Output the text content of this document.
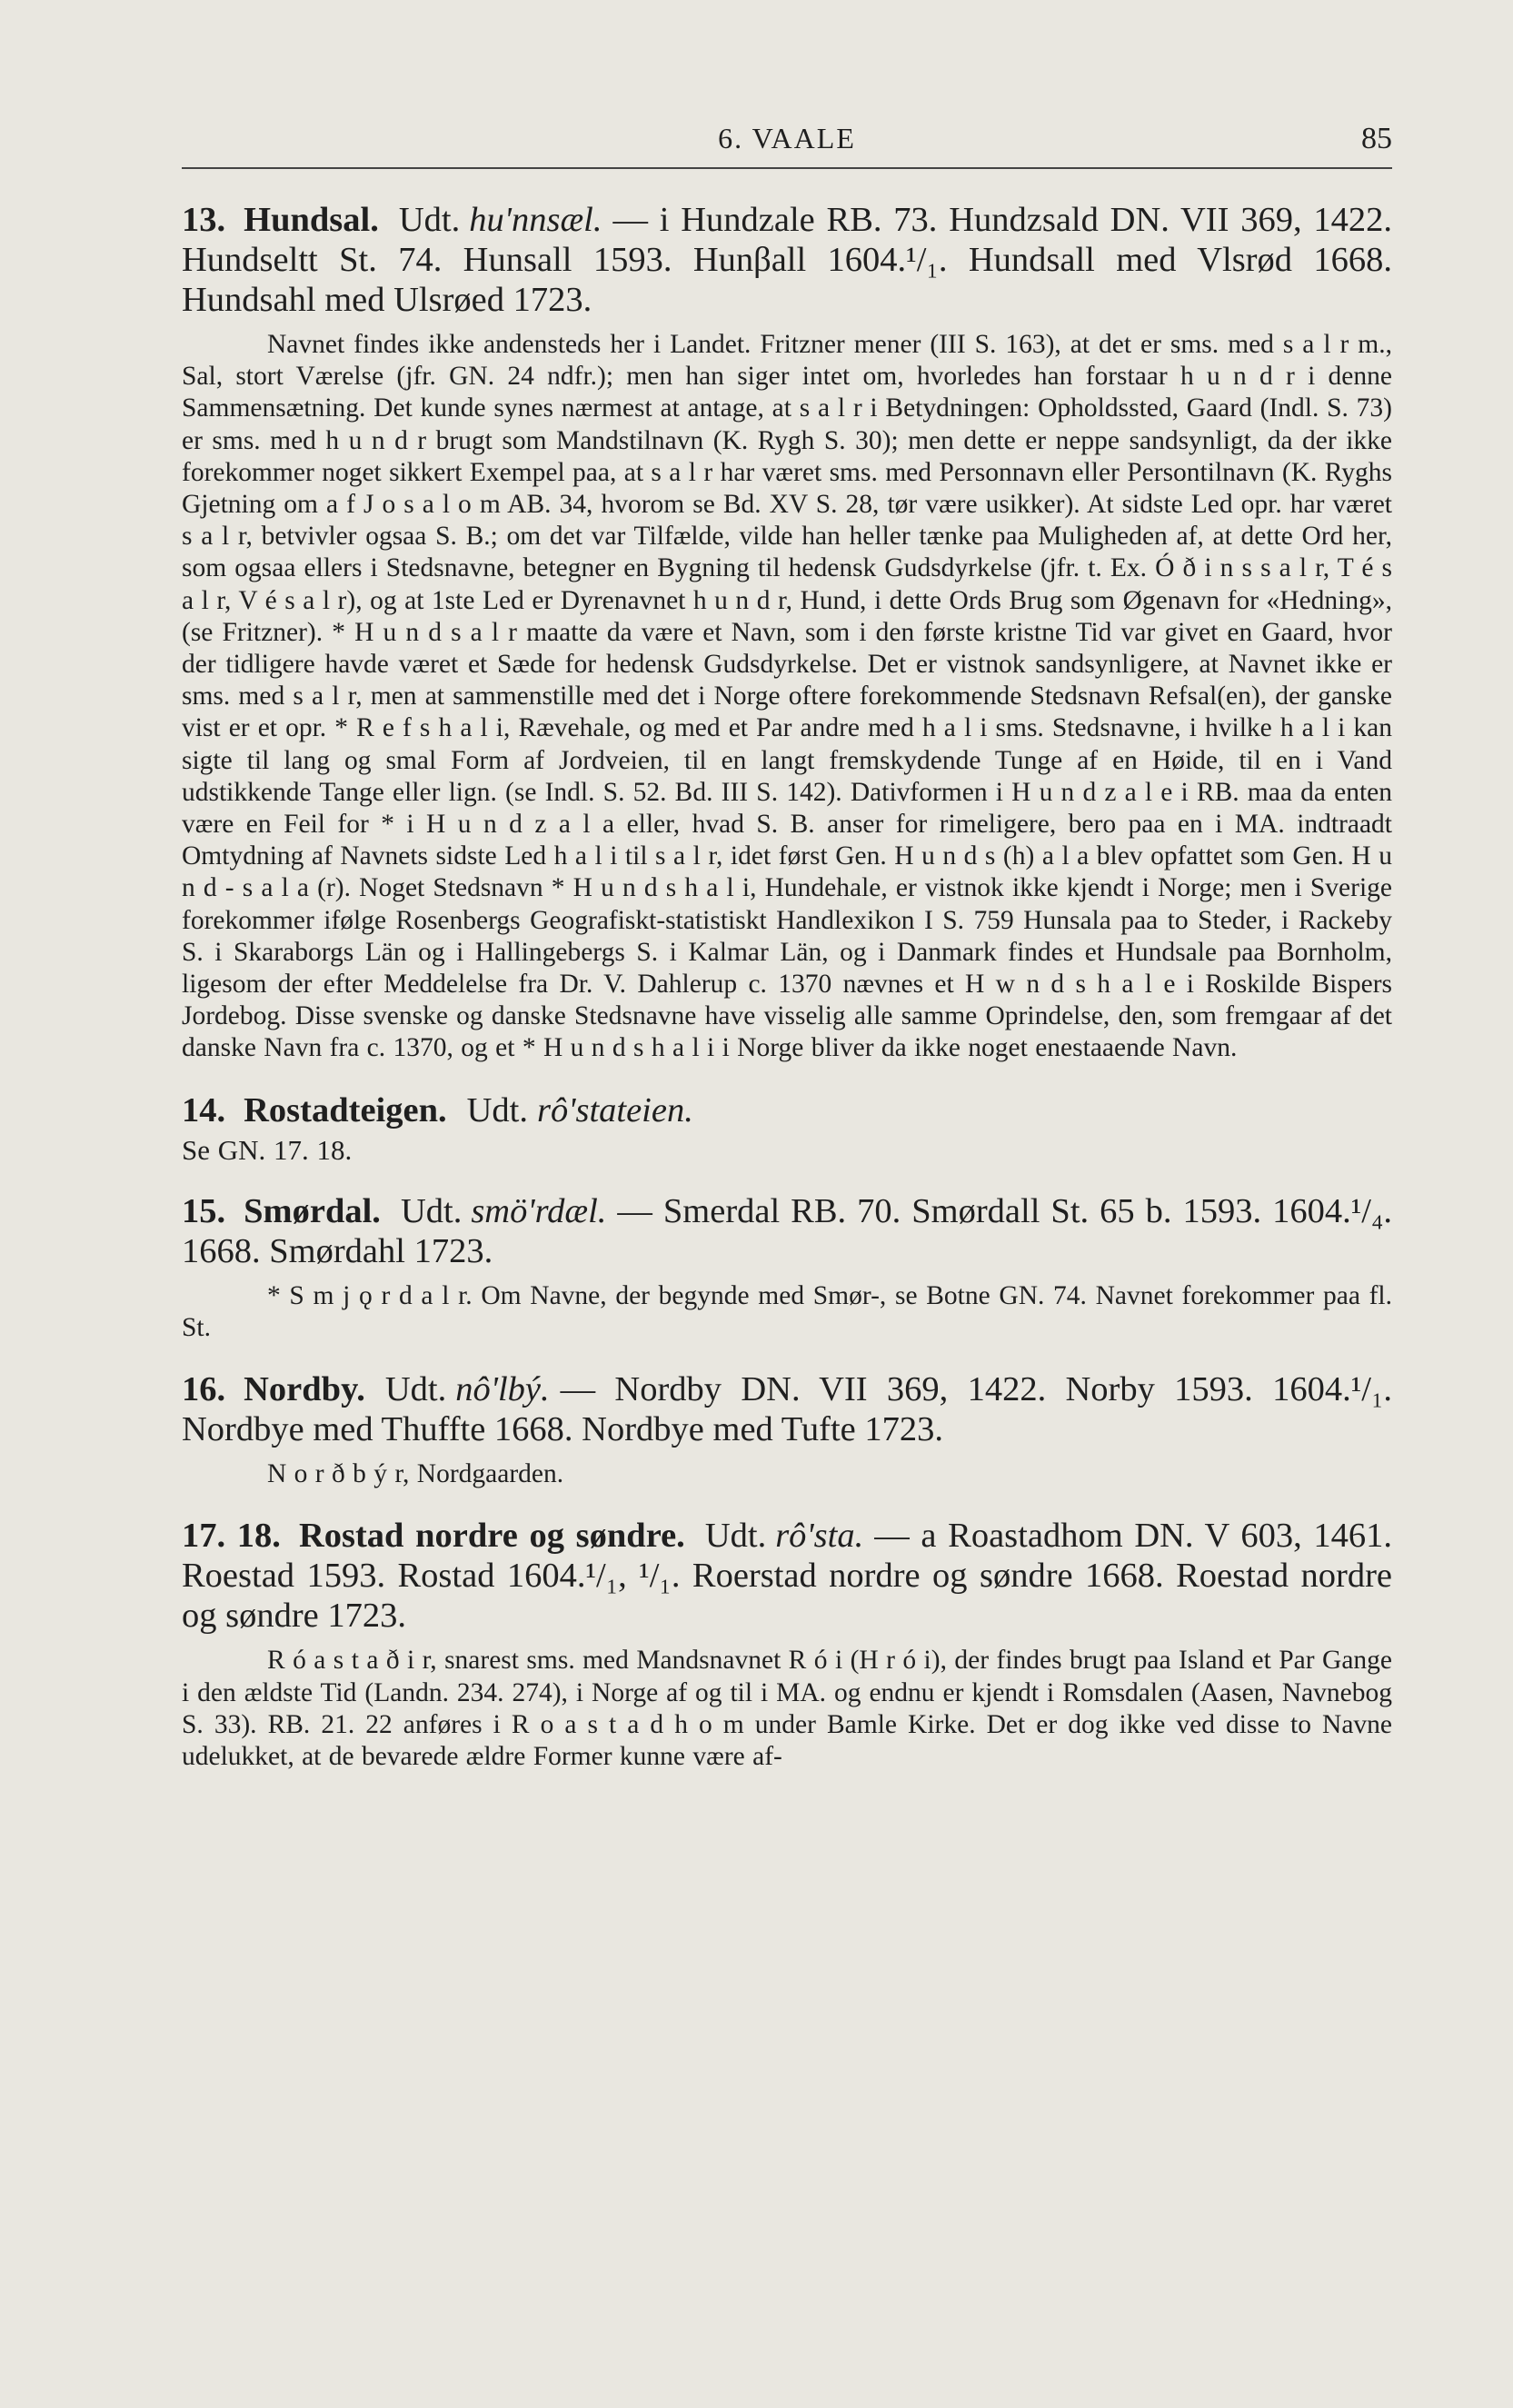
6. VAALE	85

13. Hundsal. Udt. hu'nnsæl. — i Hundzale RB. 73. Hundzsald DN. VII 369, 1422. Hundseltt St. 74. Hunsall 1593. Hunβall 1604.¹/₁. Hundsall med Vlsrød 1668. Hundsahl med Ulsrøed 1723.

Navnet findes ikke andensteds her i Landet. Fritzner mener (III S. 163), at det er sms. med s a l r m., Sal, stort Værelse (jfr. GN. 24 ndfr.); men han siger intet om, hvorledes han forstaar h u n d r i denne Sammensætning. Det kunde synes nærmest at antage, at s a l r i Betydningen: Opholdssted, Gaard (Indl. S. 73) er sms. med h u n d r brugt som Mandstilnavn (K. Rygh S. 30); men dette er neppe sandsynligt, da der ikke forekommer noget sikkert Exempel paa, at s a l r har været sms. med Personnavn eller Persontilnavn (K. Ryghs Gjetning om a f J o s a l o m AB. 34, hvorom se Bd. XV S. 28, tør være usikker). At sidste Led opr. har været s a l r, betvivler ogsaa S. B.; om det var Tilfælde, vilde han heller tænke paa Muligheden af, at dette Ord her, som ogsaa ellers i Stedsnavne, betegner en Bygning til hedensk Gudsdyrkelse (jfr. t. Ex. Ó ð i n s s a l r, T é s a l r, V é s a l r), og at 1ste Led er Dyrenavnet h u n d r, Hund, i dette Ords Brug som Øgenavn for «Hedning», (se Fritzner). * H u n d s a l r maatte da være et Navn, som i den første kristne Tid var givet en Gaard, hvor der tidligere havde været et Sæde for hedensk Gudsdyrkelse. Det er vistnok sandsynligere, at Navnet ikke er sms. med s a l r, men at sammenstille med det i Norge oftere forekommende Stedsnavn Refsal(en), der ganske vist er et opr. * R e f s h a l i, Rævehale, og med et Par andre med h a l i sms. Stedsnavne, i hvilke h a l i kan sigte til lang og smal Form af Jordveien, til en langt fremskydende Tunge af en Høide, til en i Vand udstikkende Tange eller lign. (se Indl. S. 52. Bd. III S. 142). Dativformen i H u n d z a l e i RB. maa da enten være en Feil for * i H u n d z a l a eller, hvad S. B. anser for rimeligere, bero paa en i MA. indtraadt Omtydning af Navnets sidste Led h a l i til s a l r, idet først Gen. H u n d s (h) a l a blev opfattet som Gen. H u n d - s a l a (r). Noget Stedsnavn * H u n d s h a l i, Hundehale, er vistnok ikke kjendt i Norge; men i Sverige forekommer ifølge Rosenbergs Geografiskt-statistiskt Handlexikon I S. 759 Hunsala paa to Steder, i Rackeby S. i Skaraborgs Län og i Hallingebergs S. i Kalmar Län, og i Danmark findes et Hundsale paa Bornholm, ligesom der efter Meddelelse fra Dr. V. Dahlerup c. 1370 nævnes et H w n d s h a l e i Roskilde Bispers Jordebog. Disse svenske og danske Stedsnavne have visselig alle samme Oprindelse, den, som fremgaar af det danske Navn fra c. 1370, og et * H u n d s h a l i i Norge bliver da ikke noget enestaaende Navn.

14. Rostadteigen. Udt. rô'stateien.

Se GN. 17. 18.

15. Smørdal. Udt. smö'rdæl. — Smerdal RB. 70. Smørdall St. 65 b. 1593. 1604.¹/₄. 1668. Smørdahl 1723.

* S m j ǫ r d a l r. Om Navne, der begynde med Smør-, se Botne GN. 74. Navnet forekommer paa fl. St.

16. Nordby. Udt. nô'lbý. — Nordby DN. VII 369, 1422. Norby 1593. 1604.¹/₁. Nordbye med Thuffte 1668. Nordbye med Tufte 1723.

N o r ð b ý r, Nordgaarden.

17. 18. Rostad nordre og søndre. Udt. rô'sta. — a Roastadhom DN. V 603, 1461. Roestad 1593. Rostad 1604.¹/₁, ¹/₁. Roerstad nordre og søndre 1668. Roestad nordre og søndre 1723.

R ó a s t a ð i r, snarest sms. med Mandsnavnet R ó i (H r ó i), der findes brugt paa Island et Par Gange i den ældste Tid (Landn. 234. 274), i Norge af og til i MA. og endnu er kjendt i Romsdalen (Aasen, Navnebog S. 33). RB. 21. 22 anføres i R o a s t a d h o m under Bamle Kirke. Det er dog ikke ved disse to Navne udelukket, at de bevarede ældre Former kunne være af-
